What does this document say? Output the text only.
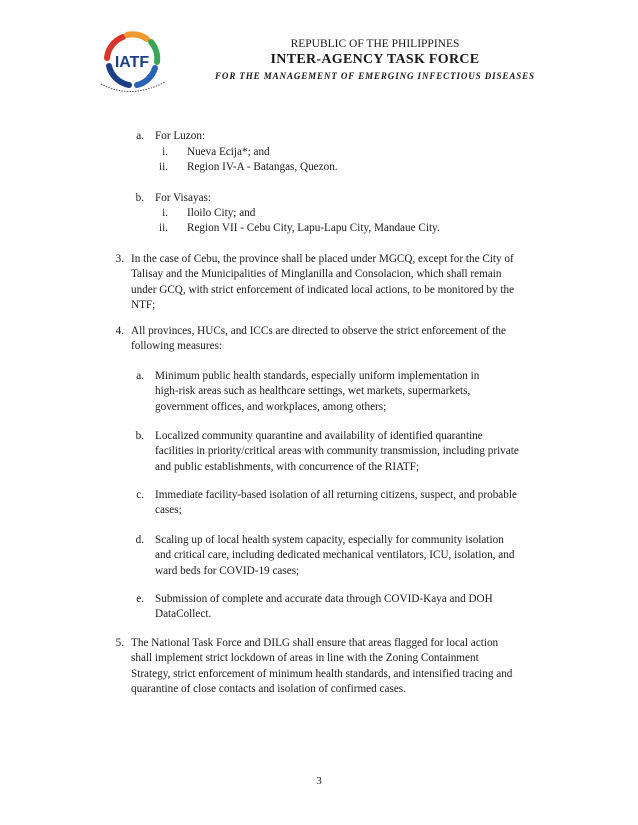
IATF
REPUBLIC OF THE PHILIPPINES
INTER-AGENCY TASK FORCE
FOR THE MANAGEMENT OF EMERGING INFECTIOUS DISEASES
a. For Luzon:
i. Nueva Ecija*; and
ii. Region IV-A - Batangas, Quezon.
b. For Visayas:
i. Iloilo City; and
ii. Region VII - Cebu City, Lapu-Lapu City, Mandaue City.
3. In the case of Cebu, the province shall be placed under MGCQ, except for the City of
Talisay and the Municipalities of Minglanilla and Consolacion, which shall remain
under GCQ, with strict enforcement of indicated local actions, to be monitored by the
NTF;
4. All provinces, HUCs, and ICCs are directed to observe the strict enforcement of the
following measures:
a. Minimum public health standards, especially uniform implementation in
high-risk areas such as healthcare settings, wet markets, supermarkets,
government offices, and workplaces, among others;
b. Localized community quarantine and availability of identified quarantine
facilities in priority/critical areas with community transmission, including private
and public establishments, with concurrence of the RIATF;
c. Immediate facility-based isolation of all returning citizens, suspect, and probable
cases;
d. Scaling up of local health system capacity, especially for community isolation
and critical care, including dedicated mechanical ventilators, ICU, isolation, and
ward beds for COVID-19 cases;
e. Submission of complete and accurate data through COVID-Kaya and DOH
DataCollect.
5. The National Task Force and DILG shall ensure that areas flagged for local action
shall implement strict lockdown of areas in line with the Zoning Containment
Strategy, strict enforcement of minimum health standards, and intensified tracing and
quarantine of close contacts and isolation of confirmed cases.
3
